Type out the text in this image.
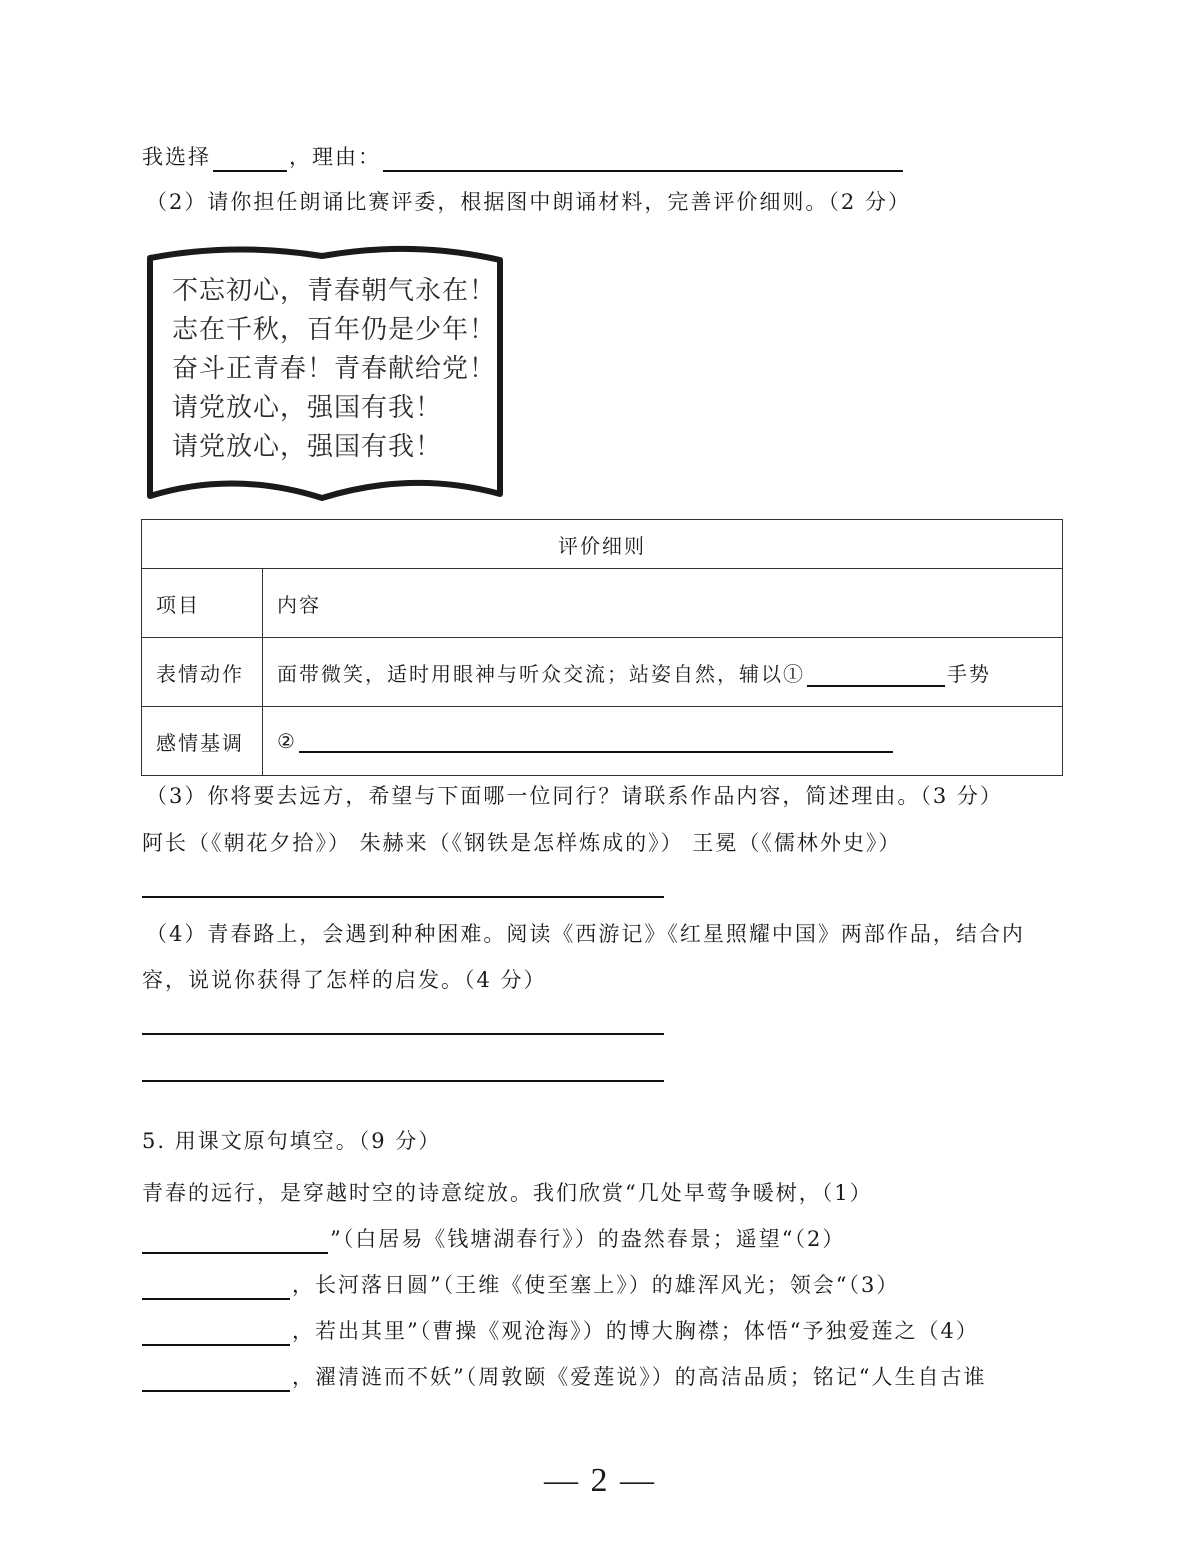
我选择	，理由：
（2）请你担任朗诵比赛评委，根据图中朗诵材料，完善评价细则。（2 分）
不忘初心，青春朝气永在！
志在千秋，百年仍是少年！
奋斗正青春！青春献给党！
请党放心，强国有我！
请党放心，强国有我！
评价细则	
项目	内容
表情动作	面带微笑，适时用眼神与听众交流；站姿自然，辅以① 手势
感情基调	②
（3）你将要去远方，希望与下面哪一位同行？请联系作品内容，简述理由。（3 分）
阿长（《朝花夕拾》） 朱赫来（《钢铁是怎样炼成的》） 王冕（《儒林外史》）
（4）青春路上，会遇到种种困难。阅读《西游记》《红星照耀中国》两部作品，结合内
容，说说你获得了怎样的启发。（4 分）
5. 用课文原句填空。（9 分）
青春的远行，是穿越时空的诗意绽放。我们欣赏“几处早莺争暖树，（1）
”（白居易《钱塘湖春行》）的盎然春景；遥望“（2）
，长河落日圆”（王维《使至塞上》）的雄浑风光；领会“（3）
，若出其里”（曹操《观沧海》）的博大胸襟；体悟“予独爱莲之（4）
，濯清涟而不妖”（周敦颐《爱莲说》）的高洁品质；铭记“人生自古谁
— 2 —
